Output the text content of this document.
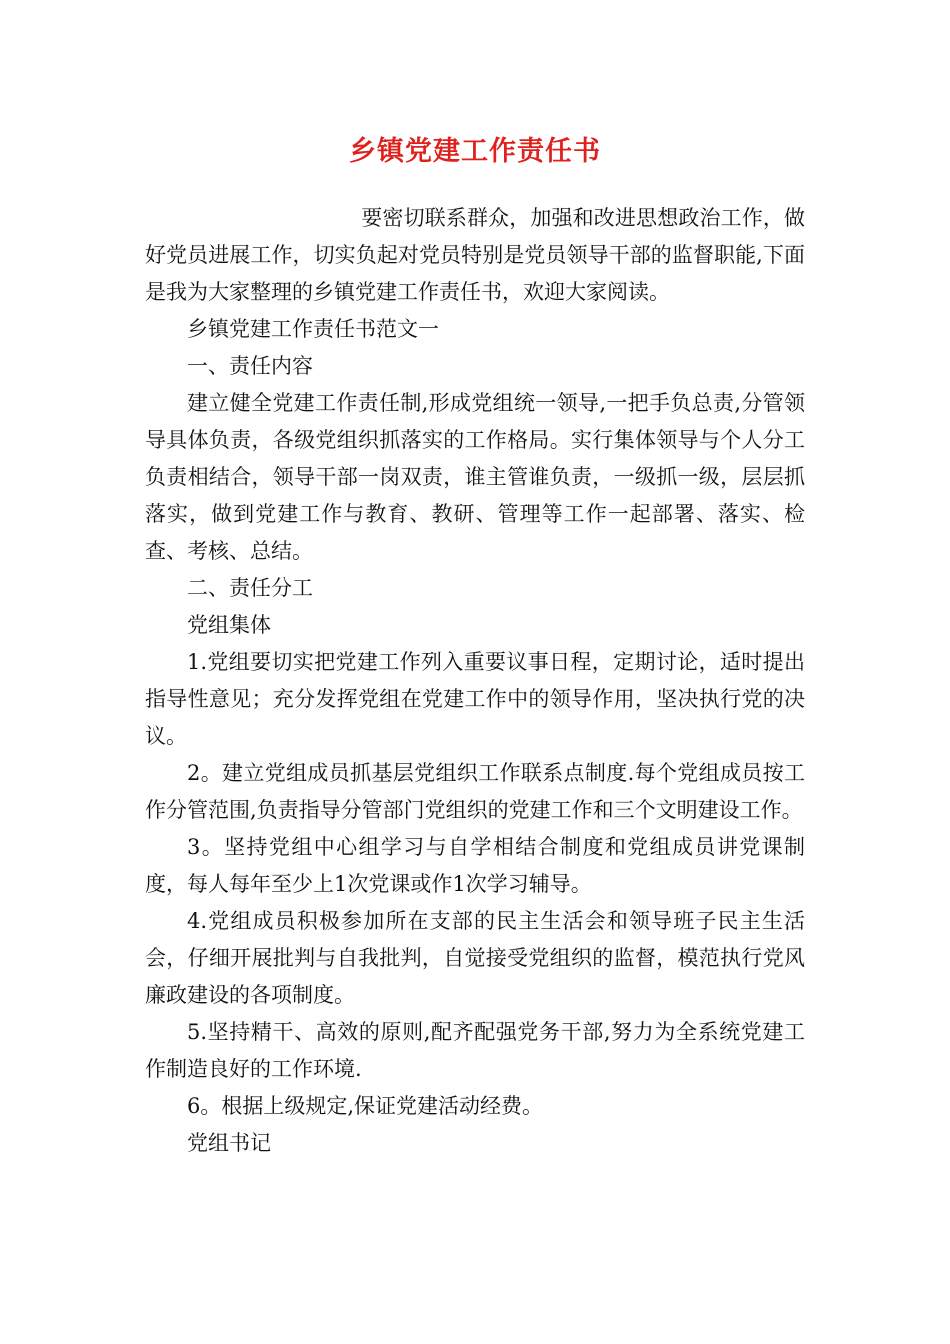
乡镇党建工作责任书

要密切联系群众，加强和改进思想政治工作，做好党员进展工作，切实负起对党员特别是党员领导干部的监督职能,下面是我为大家整理的乡镇党建工作责任书，欢迎大家阅读。

乡镇党建工作责任书范文一

一、责任内容

建立健全党建工作责任制,形成党组统一领导,一把手负总责,分管领导具体负责，各级党组织抓落实的工作格局。实行集体领导与个人分工负责相结合，领导干部一岗双责，谁主管谁负责，一级抓一级，层层抓落实，做到党建工作与教育、教研、管理等工作一起部署、落实、检查、考核、总结。

二、责任分工

党组集体

1.党组要切实把党建工作列入重要议事日程，定期讨论，适时提出指导性意见；充分发挥党组在党建工作中的领导作用，坚决执行党的决议。

2。建立党组成员抓基层党组织工作联系点制度.每个党组成员按工作分管范围,负责指导分管部门党组织的党建工作和三个文明建设工作。

3。坚持党组中心组学习与自学相结合制度和党组成员讲党课制度，每人每年至少上1次党课或作1次学习辅导。

4.党组成员积极参加所在支部的民主生活会和领导班子民主生活会，仔细开展批判与自我批判，自觉接受党组织的监督，模范执行党风廉政建设的各项制度。

5.坚持精干、高效的原则,配齐配强党务干部,努力为全系统党建工作制造良好的工作环境.

6。根据上级规定,保证党建活动经费。

党组书记
